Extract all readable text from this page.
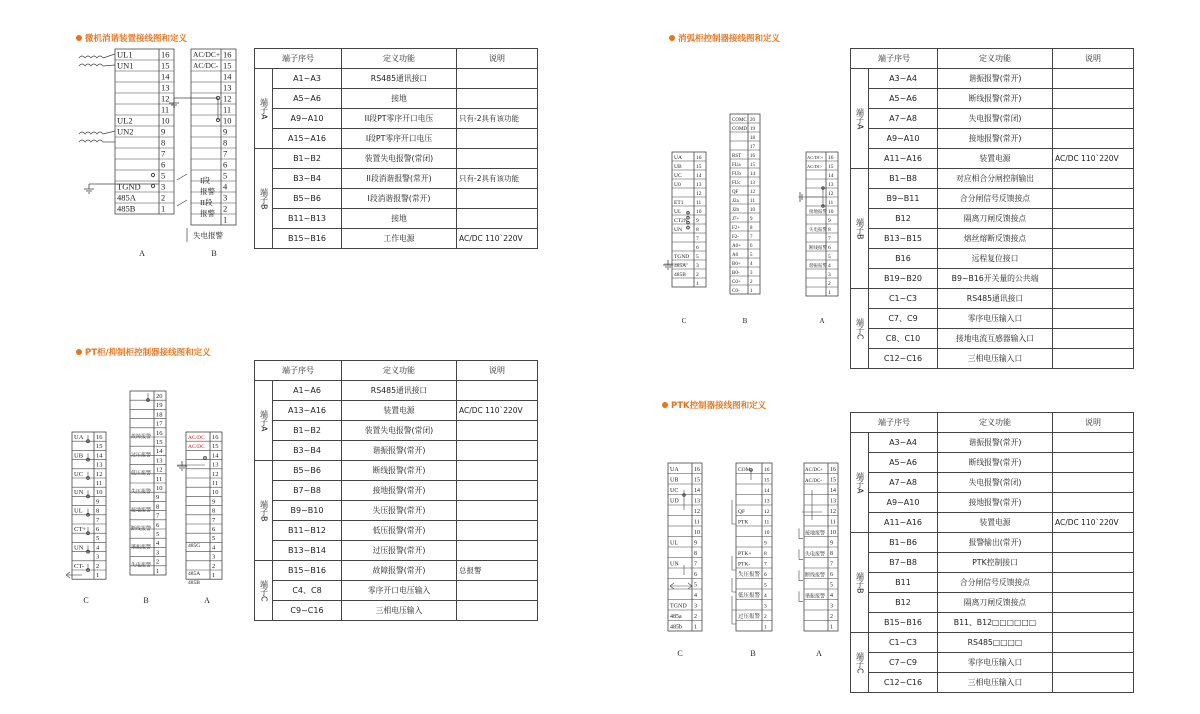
微机消谐装置接线图和定义
PT柜/抑制柜控制器接线图和定义
消弧柜控制器接线图和定义
PTK控制器接线图和定义
端子序号		定义功能	说明
端子A	A1~A3	RS485通讯接口	
	A5~A6	接地	
	A9~A10	II段PT零序开口电压	只有-2具有该功能
	A15~A16	I段PT零序开口电压	
端子B	B1~B2	装置失电报警(常闭)	
	B3~B4	II段消谐报警(常开)	只有-2具有该功能
	B5~B6	I段消谐报警(常开)	
	B11~B13	接地	
	B15~B16	工作电源	AC/DC 110`220V
端子序号		定义功能	说明
端子A	A1~A6	RS485通讯接口	
	A13~A16	装置电源	AC/DC 110`220V
	B1~B2	装置失电报警(常闭)	
	B3~B4	谐振报警(常开)	
端子B	B5~B6	断线报警(常开)	
	B7~B8	接地报警(常开)	
	B9~B10	失压报警(常开)	
	B11~B12	低压报警(常开)	
	B13~B14	过压报警(常开)	
端子C	B15~B16	故障报警(常开)	总报警
	C4、C8	零序开口电压输入	
	C9~C16	三相电压输入	
端子序号		定义功能	说明
端子A	A3~A4	谐振报警(常开)	
	A5~A6	断线报警(常开)	
	A7~A8	失电报警(常闭)	
	A9~A10	接地报警(常开)	
	A11~A16	装置电源	AC/DC 110`220V
端子B	B1~B8	对应相合分闸控制输出	
	B9~B11	合分闸信号反馈接点	
	B12	隔离刀闸反馈接点	
	B13~B15	熔丝熔断反馈接点	
	B16	远程复位接口	
	B19~B20	B9~B16开关量的公共端	
端子C	C1~C3	RS485通讯接口	
	C7、C9	零序电压输入口	
	C8、C10	接地电流互感器输入口	
	C12~C16	三相电压输入口	
端子序号		定义功能	说明
端子A	A3~A4	谐振报警(常开)	
	A5~A6	断线报警(常开)	
	A7~A8	失电报警(常闭)	
	A9~A10	接地报警(常开)	
	A11~A16	装置电源	AC/DC 110`220V
端子B	B1~B6	报警输出(常开)	
	B7~B8	PTK控制接口	
	B11	合分闸信号反馈接点	
	B12	隔离刀闸反馈接点	
	B15~B16	B11、B12□□□□□□	
端子C	C1~C3	RS485□□□□	
	C7~C9	零序电压输入口	
	C12~C16	三相电压输入口	
UL1	16
UN1	15
14
13
12
11
UL2	10
UN2	9
8
7
6
5
TGND 3
485A	2
485B	1
A
16
15
14
13
12
11
10
9
8
7
6
5
4
3
2
1
AC/DC+
AC/DC-
I段
报警
II段
报警
失电报警
B
UA 16
15
UB 14
13
UC 12
11
UN 10
9
UL 8
7
CT+ 6
5
UN 4
3
CT- 2
1
20
19
18
17
16
15
14
13
12
11
10
9
8
7
6
5
4
3
2
1
故障报警
过压报警
低压报警
失压报警
接地报警
断线报警
谐振报警
失电报警
16
15
14
13
12
11
10
9
8
7
6
5
4
3
2
1
AC/DC
AC/DC
485G
485A
485B
C	B	A
UA	16
UB	15
UC	14
U0	13
12
ET1 11
UL	10
CT2N 9
UN	8
7
6
TGND 5
485A 3
485B 2
1
COMC 20
COMD 19
18
17
RST 16
FUa 15
FUb 14
FUc 13
QF 12
J2a 11
J2b 10
J7+ 9
F2+ 8
F2- 7
A0+ 6
A0 5
B0+ 4
B0- 3
C0+ 2
C0- 1
16
15
14
13
12
11
10
9
8
7
6
5
4
3
2
1
AC/DC+
AC/DC-
接地报警
失电报警
断线报警
谐振报警
C	B	A
UA	16
UB	15
UC	14
UD	13
12
11
10
UL	9
8
UN	7
6
5
4
TGND 3
485a 2
485b 1
COM 16
15
14
13
QF	12
PTK	11
10
9
PTK+ 8
PTK-	7
失压报警 6
5
低压报警 4
3
过压报警 2
1
16
15
14
13
12
11
10
9
8
7
6
5
4
3
2
1
AC/DC+
AC/DC-
接地报警
失电报警
断线报警
谐振报警
C	B	A
